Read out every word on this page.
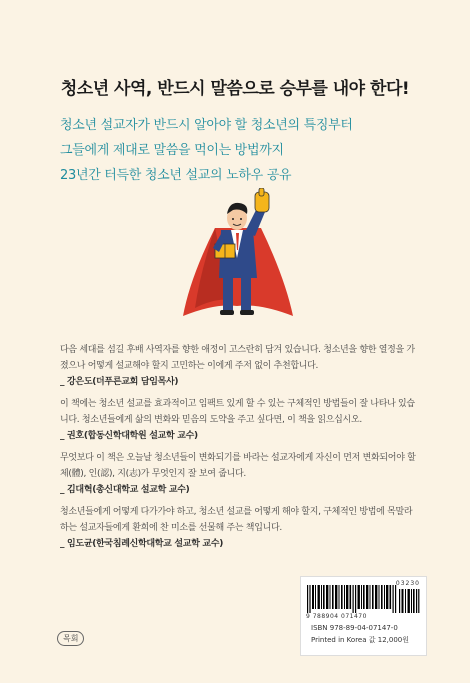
청소년 사역, 반드시 말씀으로 승부를 내야 한다!
청소년 설교자가 반드시 알아야 할 청소년의 특징부터
그들에게 제대로 말씀을 먹이는 방법까지
23년간 터득한 청소년 설교의 노하우 공유
다음 세대를 섬길 후배 사역자를 향한 애정이 고스란히 담겨 있습니다. 청소년을 향한 열정을 가졌으나 어떻게 설교해야 할지 고민하는 이에게 주저 없이 추천합니다.
_ 강은도(더푸른교회 담임목사)
이 책에는 청소년 설교를 효과적이고 임팩트 있게 할 수 있는 구체적인 방법들이 잘 나타나 있습니다. 청소년들에게 삶의 변화와 믿음의 도약을 주고 싶다면, 이 책을 읽으십시오.
_ 권호(합동신학대학원 설교학 교수)
무엇보다 이 책은 오늘날 청소년들이 변화되기를 바라는 설교자에게 자신이 먼저 변화되어야 할 체(體), 인(認), 지(志)가 무엇인지 잘 보여 줍니다.
_ 김대혁(총신대학교 설교학 교수)
청소년들에게 어떻게 다가가야 하고, 청소년 설교를 어떻게 해야 할지, 구체적인 방법에 목말라하는 설교자들에게 환희에 찬 미소를 선물해 주는 책입니다.
_ 임도균(한국침례신학대학교 설교학 교수)
03230
9 788904 071470
ISBN 978-89-04-07147-0
Printed in Korea 값 12,000원
목회
